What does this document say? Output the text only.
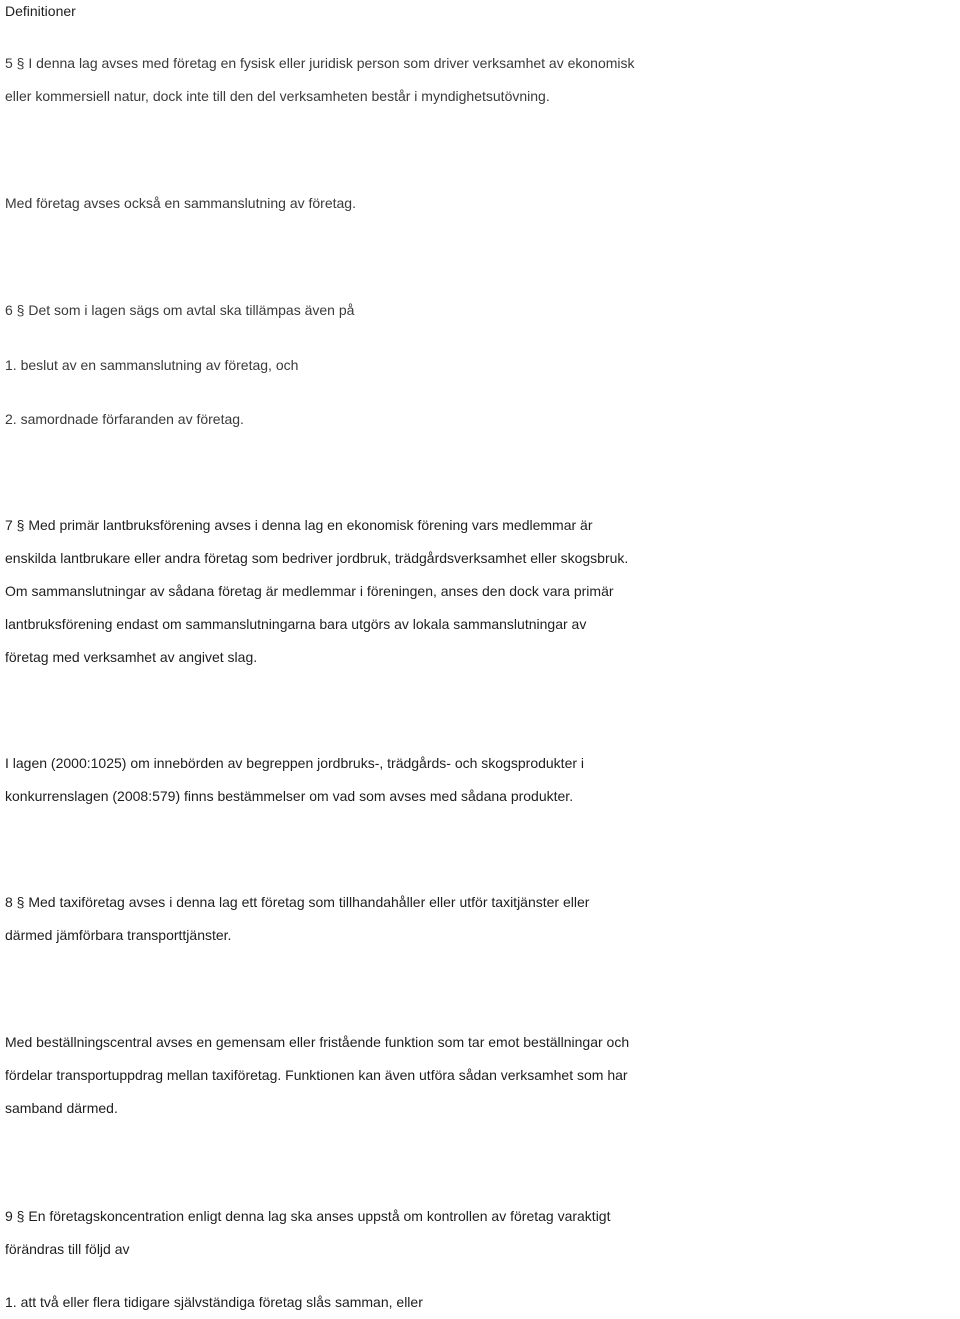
Definitioner
5 § I denna lag avses med företag en fysisk eller juridisk person som driver verksamhet av ekonomisk
eller kommersiell natur, dock inte till den del verksamheten består i myndighetsutövning.
Med företag avses också en sammanslutning av företag.
6 § Det som i lagen sägs om avtal ska tillämpas även på
1. beslut av en sammanslutning av företag, och
2. samordnade förfaranden av företag.
7 § Med primär lantbruksförening avses i denna lag en ekonomisk förening vars medlemmar är
enskilda lantbrukare eller andra företag som bedriver jordbruk, trädgårdsverksamhet eller skogsbruk.
Om sammanslutningar av sådana företag är medlemmar i föreningen, anses den dock vara primär
lantbruksförening endast om sammanslutningarna bara utgörs av lokala sammanslutningar av
företag med verksamhet av angivet slag.
I lagen (2000:1025) om innebörden av begreppen jordbruks-, trädgårds- och skogsprodukter i
konkurrenslagen (2008:579) finns bestämmelser om vad som avses med sådana produkter.
8 § Med taxiföretag avses i denna lag ett företag som tillhandahåller eller utför taxitjänster eller
därmed jämförbara transporttjänster.
Med beställningscentral avses en gemensam eller fristående funktion som tar emot beställningar och
fördelar transportuppdrag mellan taxiföretag. Funktionen kan även utföra sådan verksamhet som har
samband därmed.
9 § En företagskoncentration enligt denna lag ska anses uppstå om kontrollen av företag varaktigt
förändras till följd av
1. att två eller flera tidigare självständiga företag slås samman, eller
